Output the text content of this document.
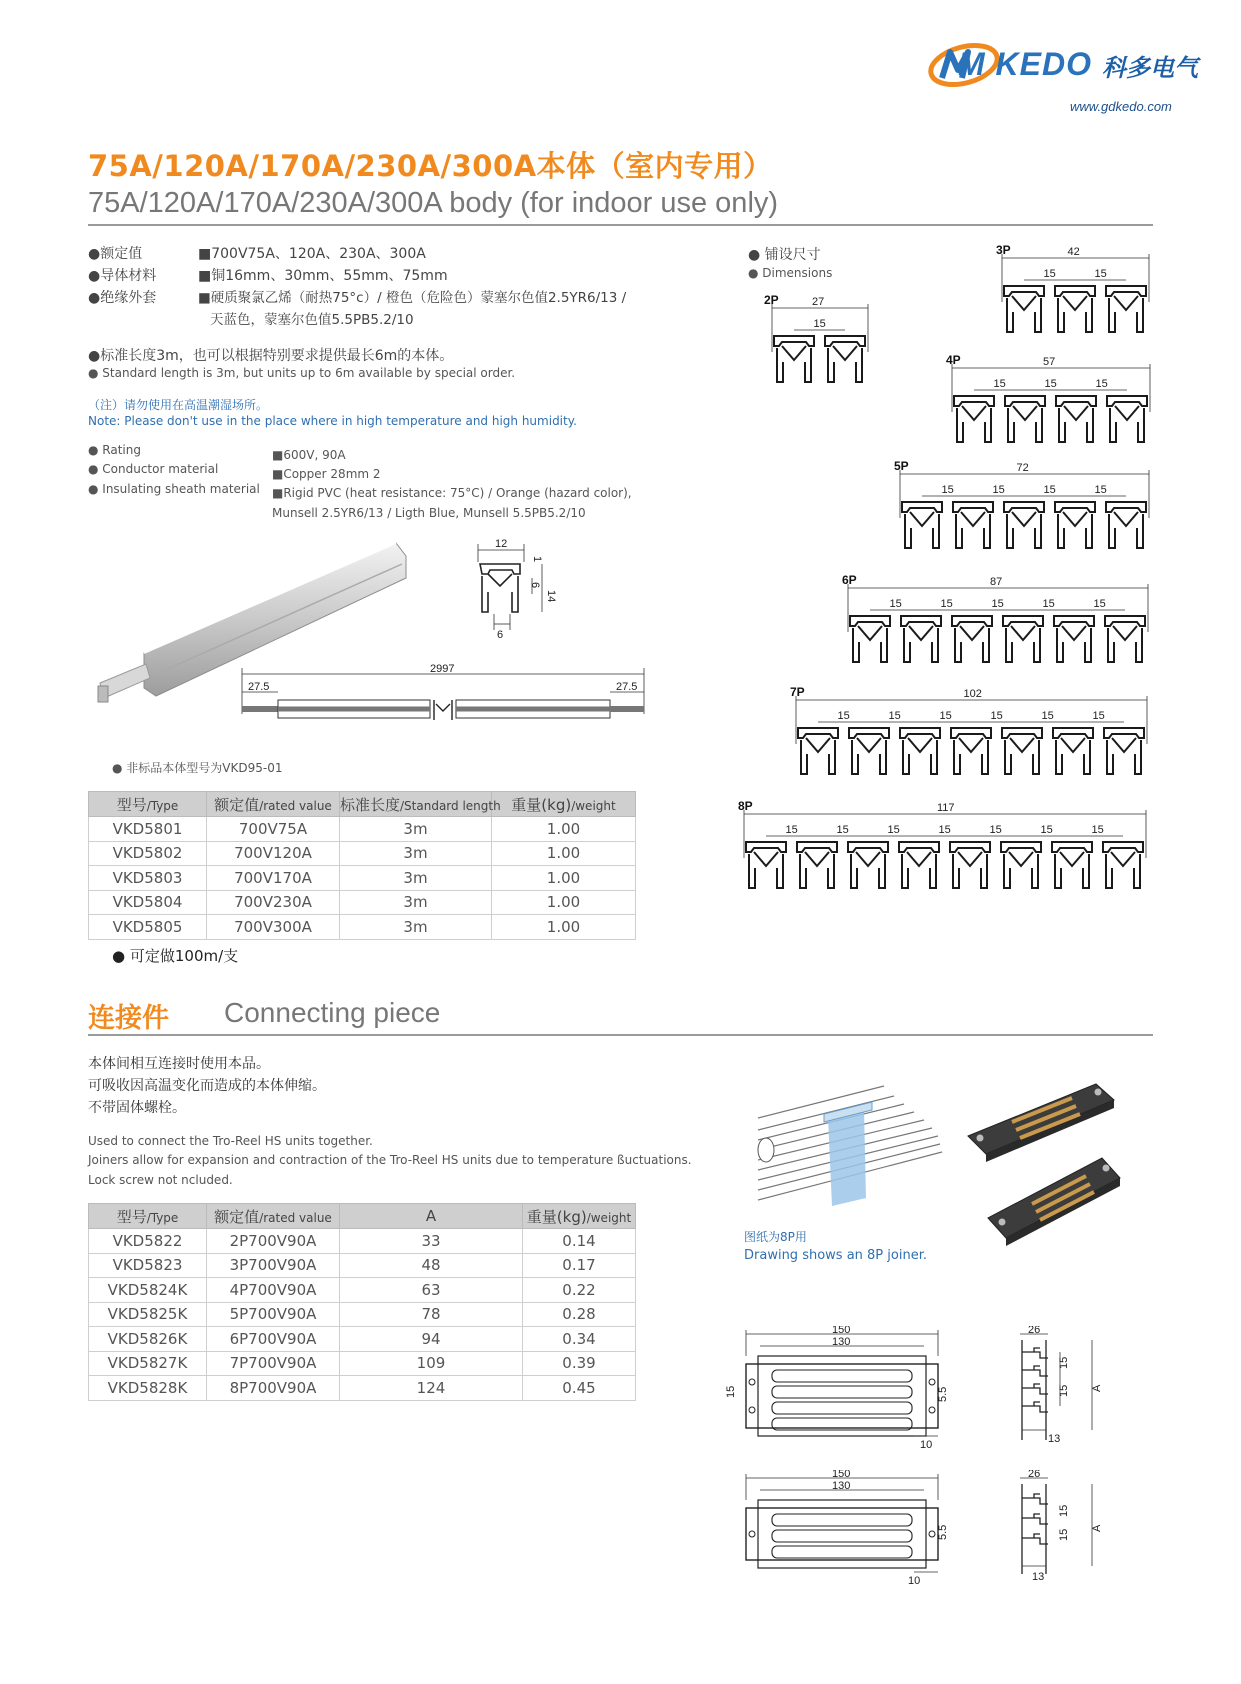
M KEDO 科多电气
www.gdkedo.com
75A/120A/170A/230A/300A本体（室内专用）
75A/120A/170A/230A/300A body (for indoor use only)
●额定值	■700V75A、120A、230A、300A
●导体材料	■铜16mm、30mm、55mm、75mm
●绝缘外套	■硬质聚氯乙烯（耐热75°c）/ 橙色（危险色）蒙塞尔色值2.5YR6/13 /
天蓝色，蒙塞尔色值5.5PB5.2/10
●标准长度3m，也可以根据特别要求提供最长6m的本体。
● Standard length is 3m, but units up to 6m available by special order.
（注）请勿使用在高温潮湿场所。
Note: Please don't use in the place where in high temperature and high humidity.
● Rating
● Conductor material
● Insulating sheath material
■600V, 90A
■Copper 28mm 2
■Rigid PVC (heat resistance: 75°C) / Orange (hazard color),
Munsell 2.5YR6/13 / Ligth Blue, Munsell 5.5PB5.2/10
● 铺设尺寸
● Dimensions
12
6
14
6
1
2997
27.5	27.5
● 非标品本体型号为VKD95-01
型号/Type	额定值/rated value	标准长度/Standard length	重量(kg)/weight
VKD5801	700V75A	3m	1.00
VKD5802	700V120A	3m	1.00
VKD5803	700V170A	3m	1.00
VKD5804	700V230A	3m	1.00
VKD5805	700V300A	3m	1.00
● 可定做100m/支
2P	27
15
3P	42
15	15
4P	57
15	15	15
5P	72
15	15	15	15
6P	87
15	15	15	15	15
7P	102
15	15	15	15	15	15
8P	117
15	15	15	15	15	15	15
连接件 Connecting piece
本体间相互连接时使用本品。
可吸收因高温变化而造成的本体伸缩。
不带固体螺栓。
Used to connect the Tro-Reel HS units together.
Joiners allow for expansion and contraction of the Tro-Reel HS units due to temperature ßuctuations.
Lock screw not ncluded.
型号/Type	额定值/rated value	A	重量(kg)/weight
VKD5822	2P700V90A	33	0.14
VKD5823	3P700V90A	48	0.17
VKD5824K	4P700V90A	63	0.22
VKD5825K	5P700V90A	78	0.28
VKD5826K	6P700V90A	94	0.34
VKD5827K	7P700V90A	109	0.39
VKD5828K	8P700V90A	124	0.45
图纸为8P用
Drawing shows an 8P joiner.
150
130
15	5.5
10
26
15
15 A
13
150
130
5.5
10
26
15
15
A
13
